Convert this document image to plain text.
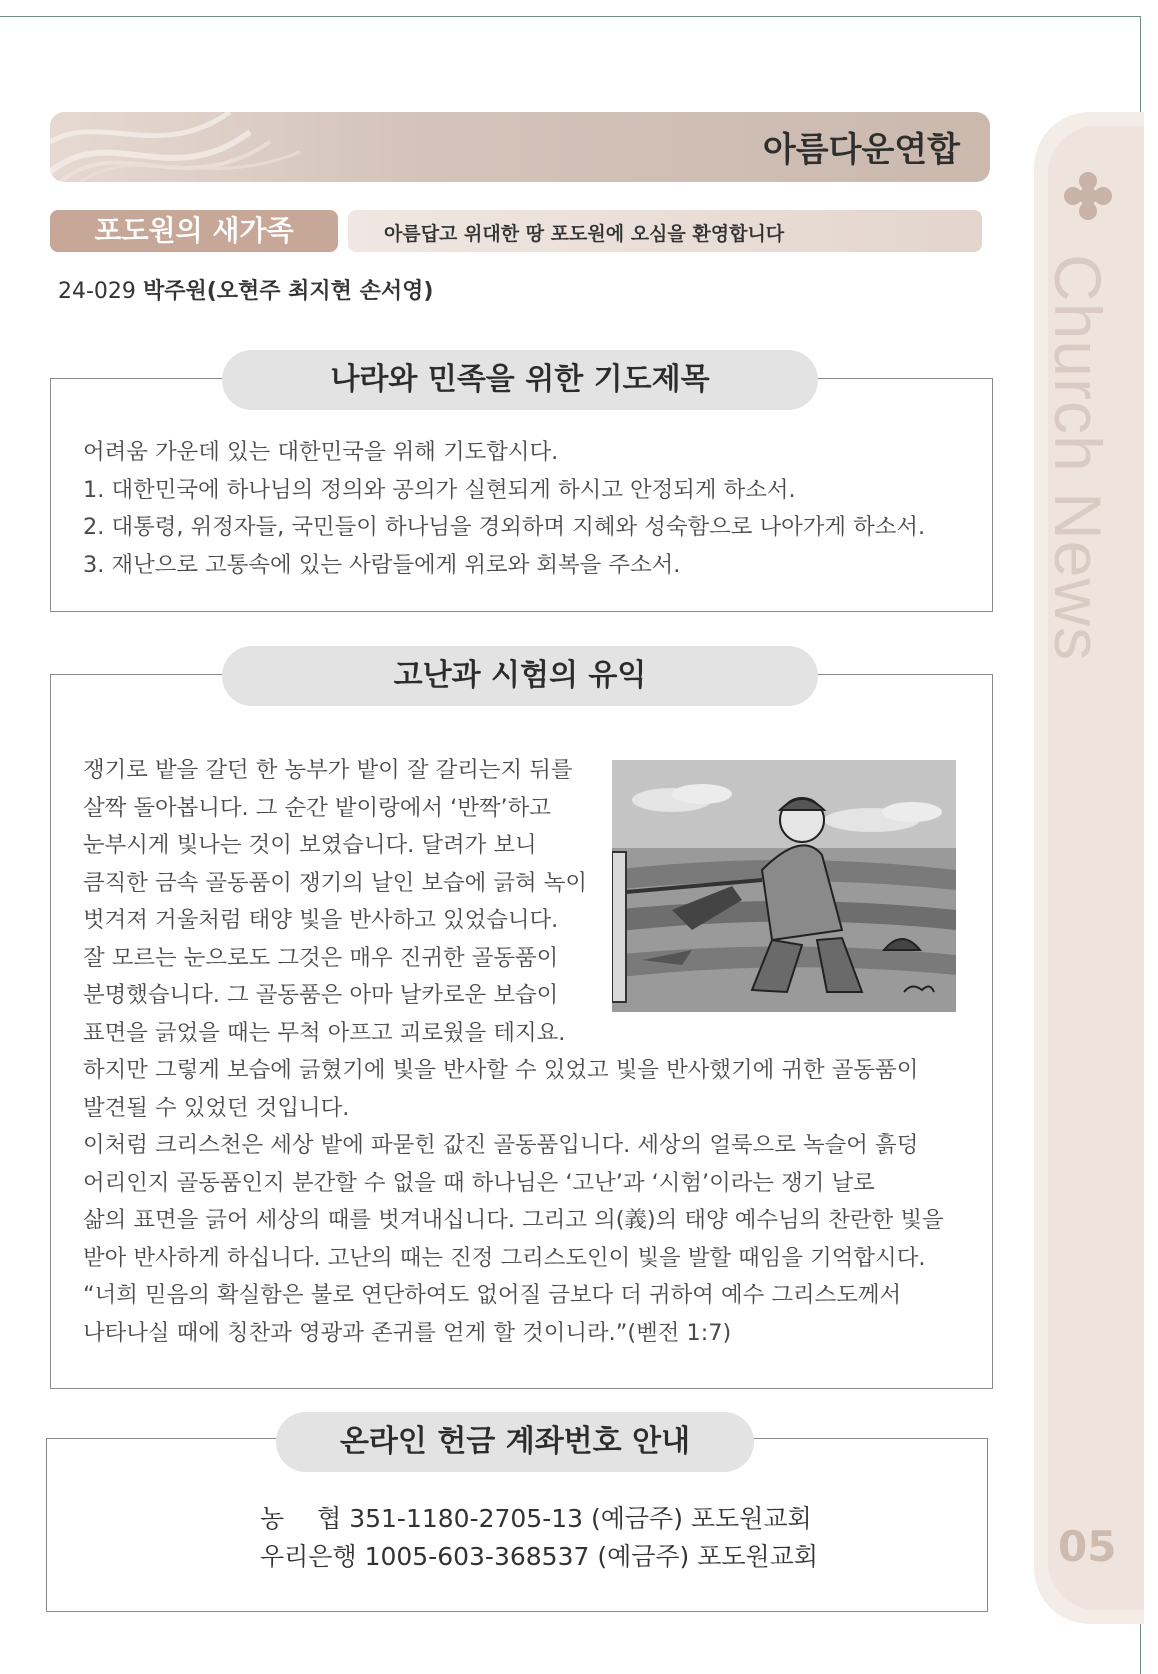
Church News
05
아름다운연합
포도원의 새가족	아름답고 위대한 땅 포도원에 오심을 환영합니다
24-029 박주원(오현주 최지현 손서영)
나라와 민족을 위한 기도제목
어려움 가운데 있는 대한민국을 위해 기도합시다.
1. 대한민국에 하나님의 정의와 공의가 실현되게 하시고 안정되게 하소서.
2. 대통령, 위정자들, 국민들이 하나님을 경외하며 지혜와 성숙함으로 나아가게 하소서.
3. 재난으로 고통속에 있는 사람들에게 위로와 회복을 주소서.
고난과 시험의 유익
쟁기로 밭을 갈던 한 농부가 밭이 잘 갈리는지 뒤를
살짝 돌아봅니다. 그 순간 밭이랑에서 ‘반짝’하고
눈부시게 빛나는 것이 보였습니다. 달려가 보니
큼직한 금속 골동품이 쟁기의 날인 보습에 긁혀 녹이
벗겨져 거울처럼 태양 빛을 반사하고 있었습니다.
잘 모르는 눈으로도 그것은 매우 진귀한 골동품이
분명했습니다. 그 골동품은 아마 날카로운 보습이
표면을 긁었을 때는 무척 아프고 괴로웠을 테지요.
하지만 그렇게 보습에 긁혔기에 빛을 반사할 수 있었고 빛을 반사했기에 귀한 골동품이
발견될 수 있었던 것입니다.
이처럼 크리스천은 세상 밭에 파묻힌 값진 골동품입니다. 세상의 얼룩으로 녹슬어 흙덩
어리인지 골동품인지 분간할 수 없을 때 하나님은 ‘고난’과 ‘시험’이라는 쟁기 날로
삶의 표면을 긁어 세상의 때를 벗겨내십니다. 그리고 의(義)의 태양 예수님의 찬란한 빛을
받아 반사하게 하십니다. 고난의 때는 진정 그리스도인이 빛을 발할 때임을 기억합시다.
“너희 믿음의 확실함은 불로 연단하여도 없어질 금보다 더 귀하여 예수 그리스도께서
나타나실 때에 칭찬과 영광과 존귀를 얻게 할 것이니라.”(벧전 1:7)
온라인 헌금 계좌번호 안내
농　 협 351-1180-2705-13 (예금주) 포도원교회
우리은행 1005-603-368537 (예금주) 포도원교회
